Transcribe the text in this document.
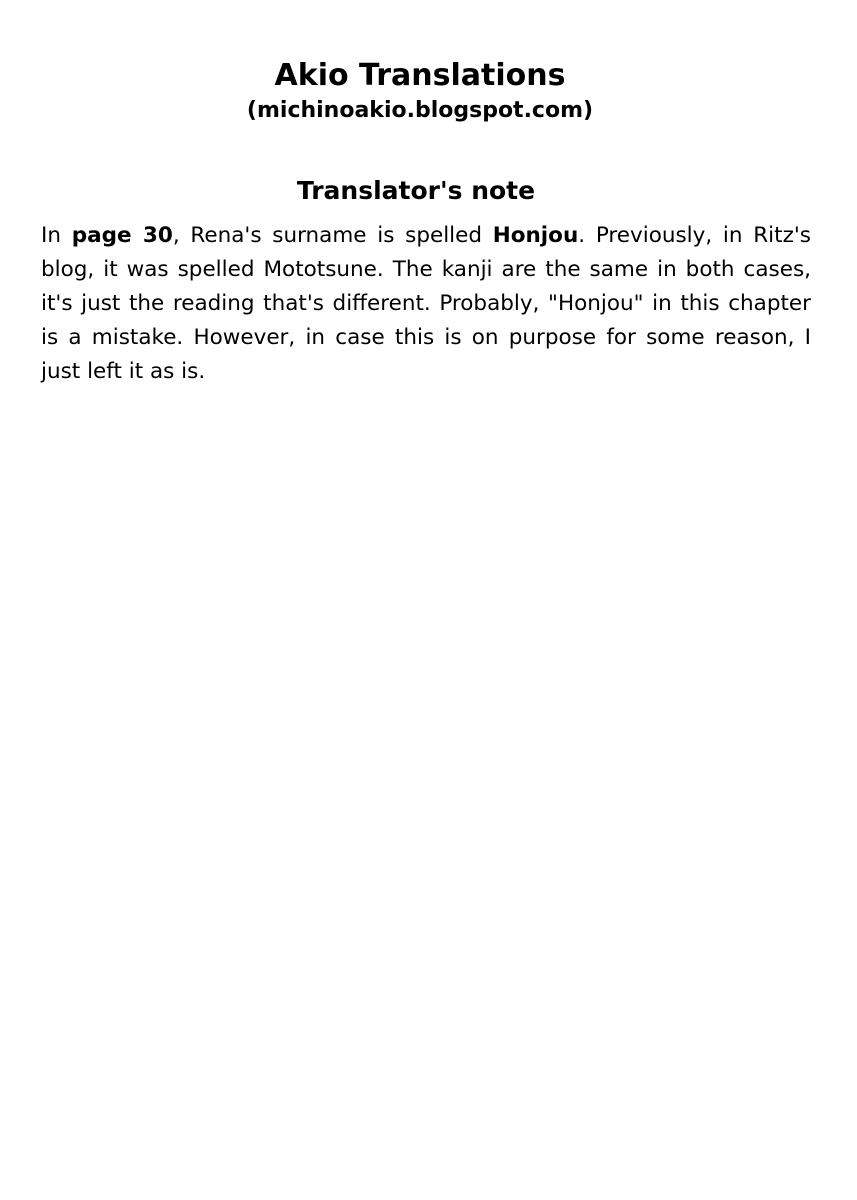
Akio Translations

(michinoakio.blogspot.com)

Translator's note

In page 30, Rena's surname is spelled Honjou. Previously, in Ritz's blog, it was spelled Mototsune. The kanji are the same in both cases, it's just the reading that's different. Probably, "Honjou" in this chapter is a mistake. However, in case this is on purpose for some reason, I just left it as is.
